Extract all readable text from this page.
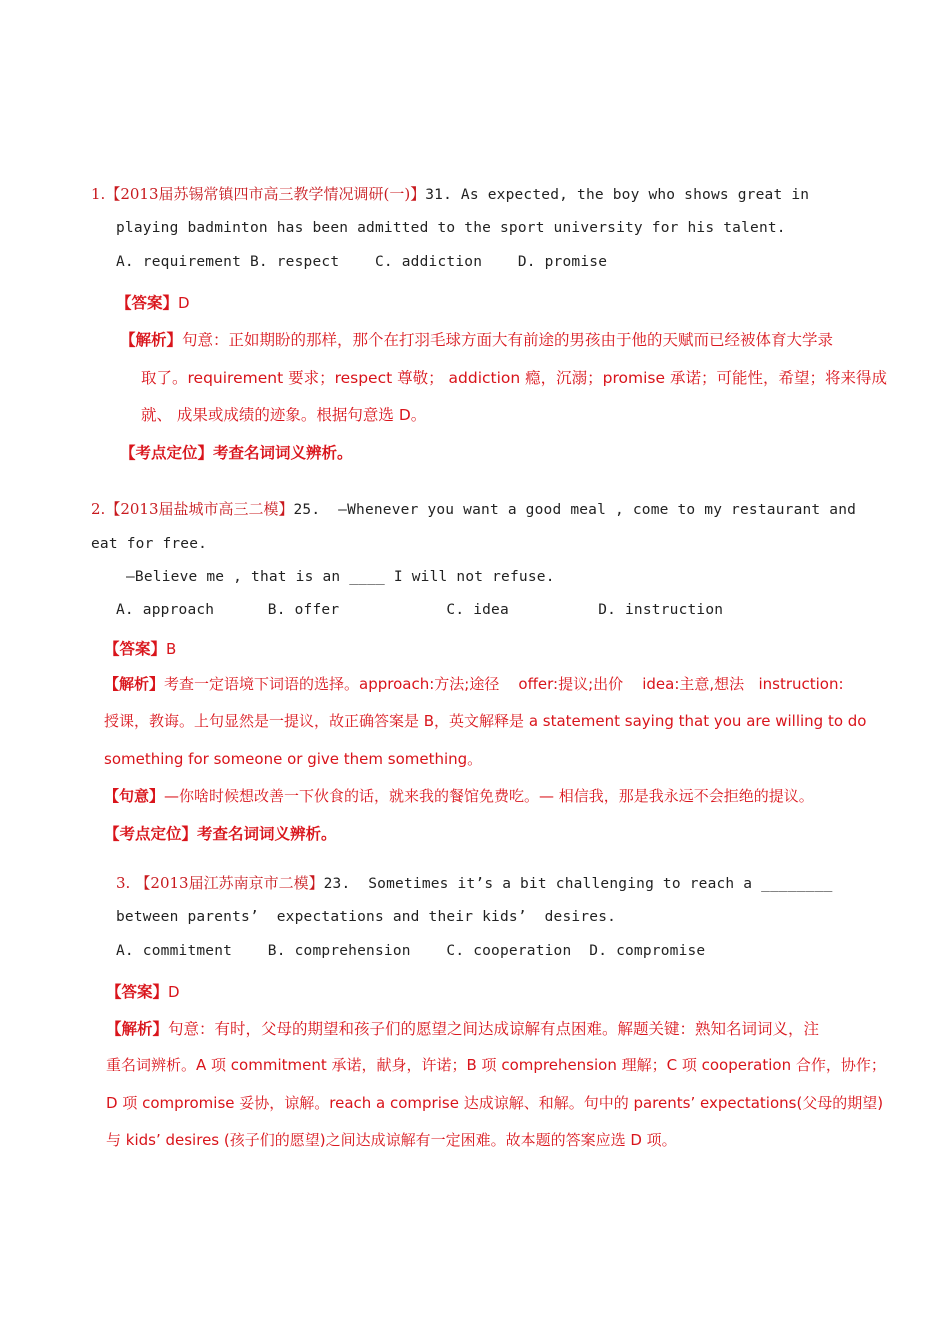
1.【2013届苏锡常镇四市高三教学情况调研(一)】31. As expected, the boy who shows great in
playing badminton has been admitted to the sport university for his talent.
A. requirement B. respect    C. addiction    D. promise
【答案】D
【解析】句意：正如期盼的那样，那个在打羽毛球方面大有前途的男孩由于他的天赋而已经被体育大学录
取了。requirement 要求；respect 尊敬； addiction 瘾，沉溺；promise 承诺；可能性，希望；将来得成
就、 成果或成绩的迹象。根据句意选 D。
【考点定位】考查名词词义辨析。
2.【2013届盐城市高三二模】25.  —Whenever you want a good meal , come to my restaurant and
eat for free.
—Believe me , that is an ____ I will not refuse.
A. approach      B. offer            C. idea          D. instruction
【答案】B
【解析】考查一定语境下词语的选择。approach:方法;途径    offer:提议;出价    idea:主意,想法   instruction:
授课，教诲。上句显然是一提议，故正确答案是 B，英文解释是 a statement saying that you are willing to do
something for someone or give them something。
【句意】—你啥时候想改善一下伙食的话，就来我的餐馆免费吃。— 相信我，那是我永远不会拒绝的提议。
【考点定位】考查名词词义辨析。
3. 【2013届江苏南京市二模】23.  Sometimes it’s a bit challenging to reach a ________
between parents’  expectations and their kids’  desires.
A. commitment    B. comprehension    C. cooperation  D. compromise
【答案】D
【解析】句意：有时，父母的期望和孩子们的愿望之间达成谅解有点困难。解题关键：熟知名词词义，注
重名词辨析。A 项 commitment 承诺，献身，许诺；B 项 comprehension 理解；C 项 cooperation 合作，协作；
D 项 compromise 妥协，谅解。reach a comprise 达成谅解、和解。句中的 parents’ expectations(父母的期望)
与 kids’ desires (孩子们的愿望)之间达成谅解有一定困难。故本题的答案应选 D 项。
